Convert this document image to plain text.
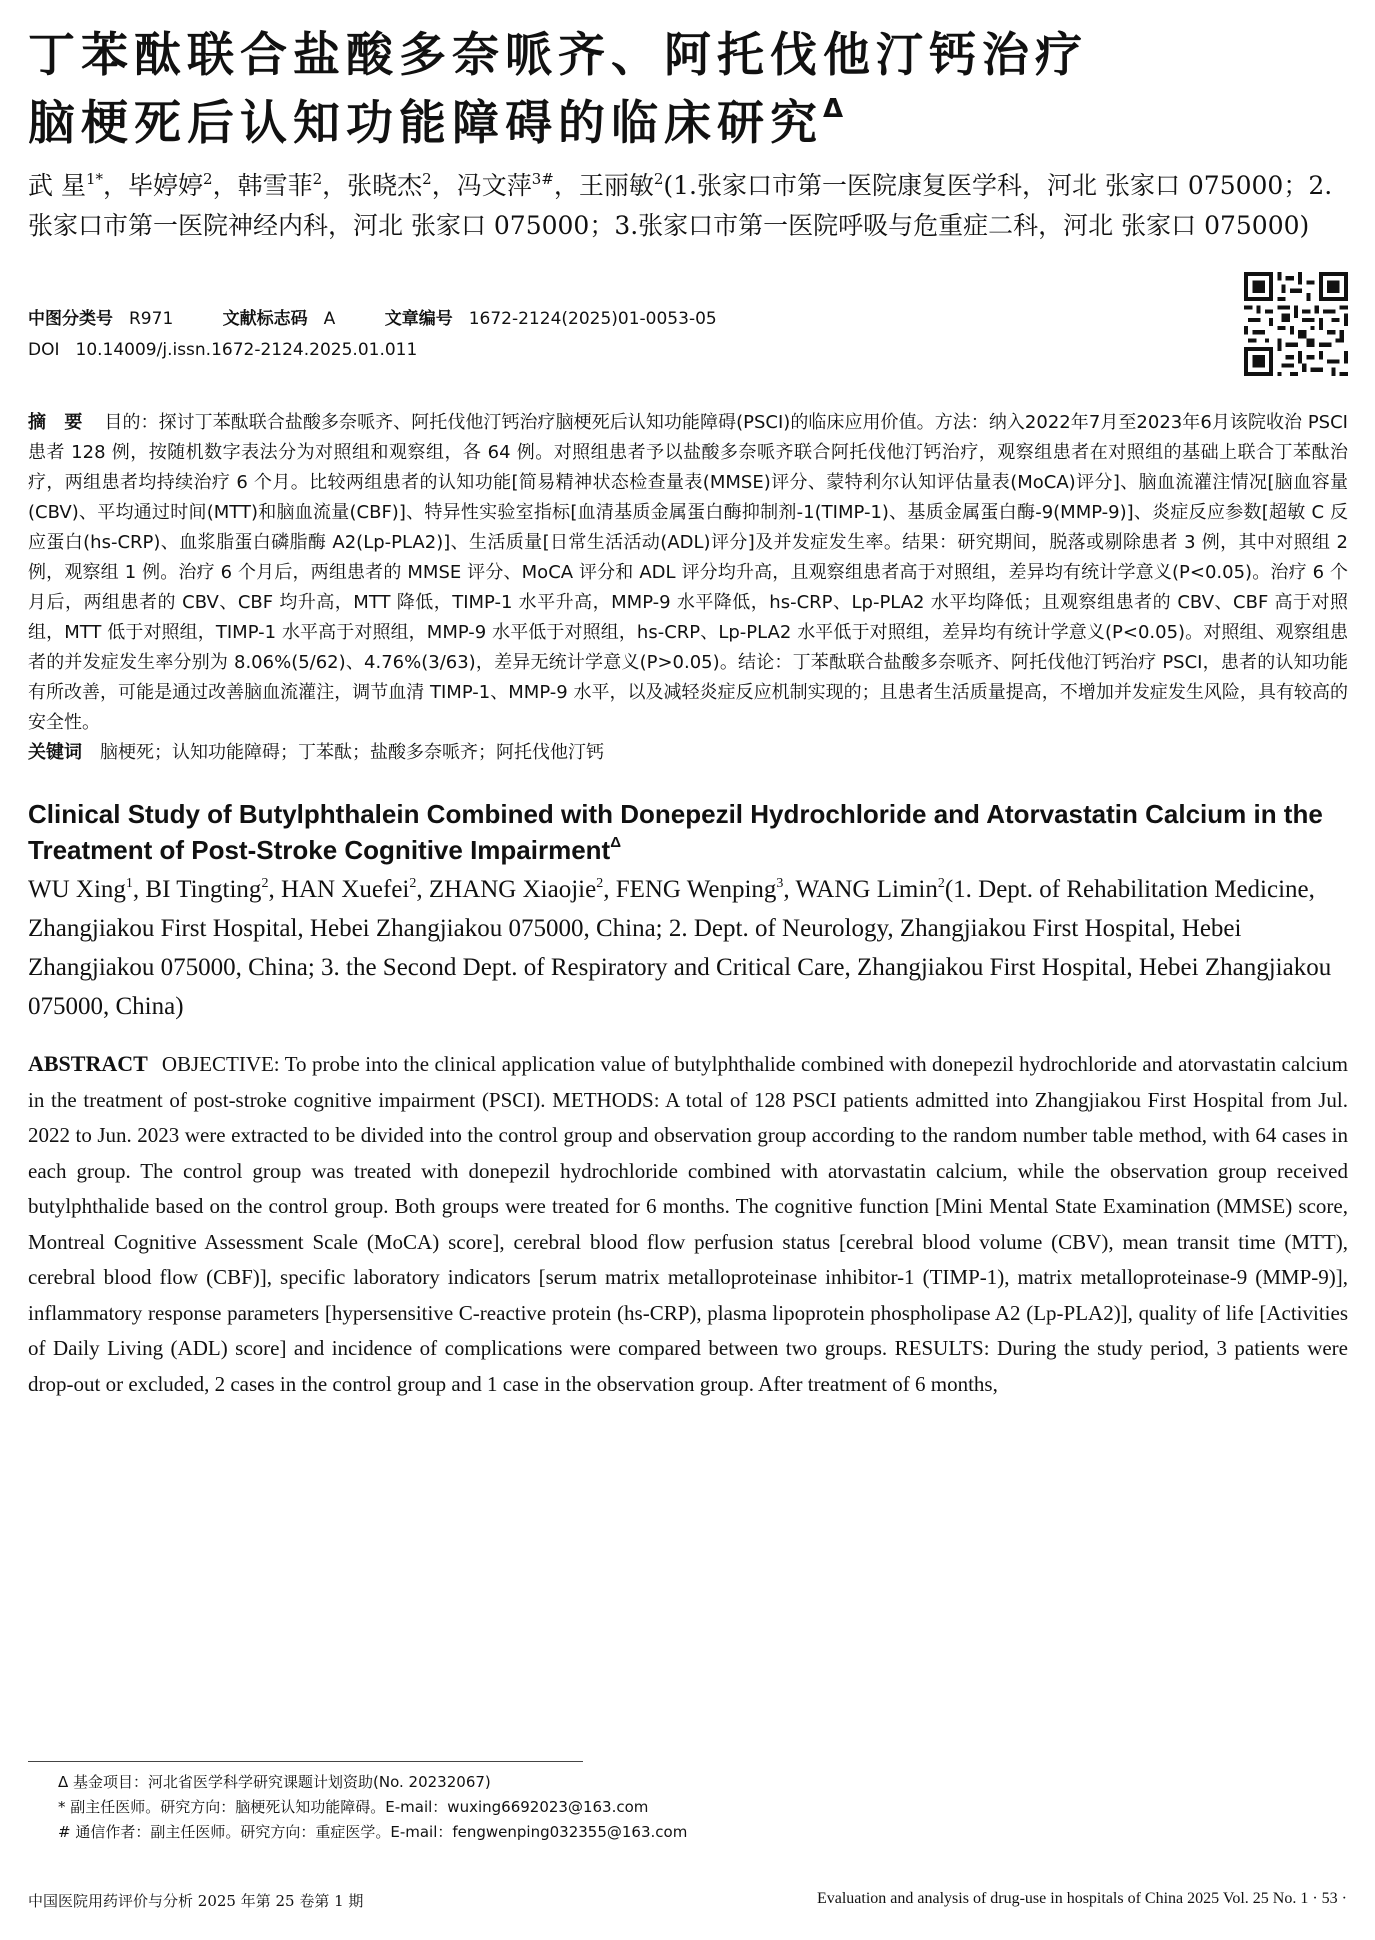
丁苯酞联合盐酸多奈哌齐、阿托伐他汀钙治疗
脑梗死后认知功能障碍的临床研究$^\Delta$
武 星$^{1*}$，毕婷婷$^2$，韩雪菲$^2$，张晓杰$^2$，冯文萍$^{3\#}$，王丽敏$^2$(1.张家口市第一医院康复医学科，河北 张家口 075000；2.张家口市第一医院神经内科，河北 张家口 075000；3.张家口市第一医院呼吸与危重症二科，河北 张家口 075000)
中图分类号 R971	文献标志码 A	文章编号 1672-2124(2025)01-0053-05
DOI 10.14009/j.issn.1672-2124.2025.01.011
摘 要 目的：探讨丁苯酞联合盐酸多奈哌齐、阿托伐他汀钙治疗脑梗死后认知功能障碍(PSCI)的临床应用价值。方法：纳入2022年7月至2023年6月该院收治 PSCI 患者 128 例，按随机数字表法分为对照组和观察组，各 64 例。对照组患者予以盐酸多奈哌齐联合阿托伐他汀钙治疗，观察组患者在对照组的基础上联合丁苯酞治疗，两组患者均持续治疗 6 个月。比较两组患者的认知功能[简易精神状态检查量表(MMSE)评分、蒙特利尔认知评估量表(MoCA)评分]、脑血流灌注情况[脑血容量(CBV)、平均通过时间(MTT)和脑血流量(CBF)]、特异性实验室指标[血清基质金属蛋白酶抑制剂-1(TIMP-1)、基质金属蛋白酶-9(MMP-9)]、炎症反应参数[超敏 C 反应蛋白(hs-CRP)、血浆脂蛋白磷脂酶 A2(Lp-PLA2)]、生活质量[日常生活活动(ADL)评分]及并发症发生率。结果：研究期间，脱落或剔除患者 3 例，其中对照组 2 例，观察组 1 例。治疗 6 个月后，两组患者的 MMSE 评分、MoCA 评分和 ADL 评分均升高，且观察组患者高于对照组，差异均有统计学意义(P<0.05)。治疗 6 个月后，两组患者的 CBV、CBF 均升高，MTT 降低，TIMP-1 水平升高，MMP-9 水平降低，hs-CRP、Lp-PLA2 水平均降低；且观察组患者的 CBV、CBF 高于对照组，MTT 低于对照组，TIMP-1 水平高于对照组，MMP-9 水平低于对照组，hs-CRP、Lp-PLA2 水平低于对照组，差异均有统计学意义(P<0.05)。对照组、观察组患者的并发症发生率分别为 8.06%(5/62)、4.76%(3/63)，差异无统计学意义(P>0.05)。结论：丁苯酞联合盐酸多奈哌齐、阿托伐他汀钙治疗 PSCI，患者的认知功能有所改善，可能是通过改善脑血流灌注，调节血清 TIMP-1、MMP-9 水平，以及减轻炎症反应机制实现的；且患者生活质量提高，不增加并发症发生风险，具有较高的安全性。
关键词 脑梗死；认知功能障碍；丁苯酞；盐酸多奈哌齐；阿托伐他汀钙
Clinical Study of Butylphthalein Combined with Donepezil Hydrochloride and Atorvastatin Calcium in the Treatment of Post-Stroke Cognitive Impairment$^\Delta$
WU Xing$^1$, BI Tingting$^2$, HAN Xuefei$^2$, ZHANG Xiaojie$^2$, FENG Wenping$^3$, WANG Limin$^2$(1. Dept. of Rehabilitation Medicine, Zhangjiakou First Hospital, Hebei Zhangjiakou 075000, China; 2. Dept. of Neurology, Zhangjiakou First Hospital, Hebei Zhangjiakou 075000, China; 3. the Second Dept. of Respiratory and Critical Care, Zhangjiakou First Hospital, Hebei Zhangjiakou 075000, China)
ABSTRACT OBJECTIVE: To probe into the clinical application value of butylphthalide combined with donepezil hydrochloride and atorvastatin calcium in the treatment of post-stroke cognitive impairment (PSCI). METHODS: A total of 128 PSCI patients admitted into Zhangjiakou First Hospital from Jul. 2022 to Jun. 2023 were extracted to be divided into the control group and observation group according to the random number table method, with 64 cases in each group. The control group was treated with donepezil hydrochloride combined with atorvastatin calcium, while the observation group received butylphthalide based on the control group. Both groups were treated for 6 months. The cognitive function [Mini Mental State Examination (MMSE) score, Montreal Cognitive Assessment Scale (MoCA) score], cerebral blood flow perfusion status [cerebral blood volume (CBV), mean transit time (MTT), cerebral blood flow (CBF)], specific laboratory indicators [serum matrix metalloproteinase inhibitor-1 (TIMP-1), matrix metalloproteinase-9 (MMP-9)], inflammatory response parameters [hypersensitive C-reactive protein (hs-CRP), plasma lipoprotein phospholipase A2 (Lp-PLA2)], quality of life [Activities of Daily Living (ADL) score] and incidence of complications were compared between two groups. RESULTS: During the study period, 3 patients were drop-out or excluded, 2 cases in the control group and 1 case in the observation group. After treatment of 6 months,
Δ 基金项目：河北省医学科学研究课题计划资助(No. 20232067)
* 副主任医师。研究方向：脑梗死认知功能障碍。E-mail：wuxing6692023@163.com
# 通信作者：副主任医师。研究方向：重症医学。E-mail：fengwenping032355@163.com
中国医院用药评价与分析 2025 年第 25 卷第 1 期	Evaluation and analysis of drug-use in hospitals of China 2025 Vol. 25 No. 1 · 53 ·
